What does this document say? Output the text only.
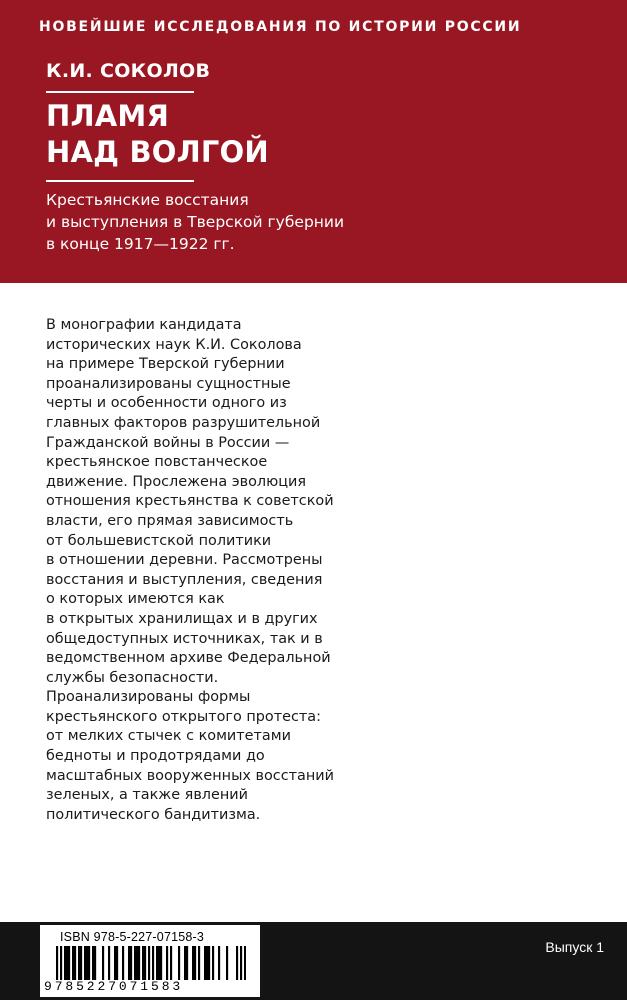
НОВЕЙШИЕ ИССЛЕДОВАНИЯ ПО ИСТОРИИ РОССИИ
К.И. СОКОЛОВ
ПЛАМЯ
НАД ВОЛГОЙ
Крестьянские восстания
и выступления в Тверской губернии
в конце 1917—1922 гг.
В монографии кандидата
исторических наук К.И. Соколова
на примере Тверской губернии
проанализированы сущностные
черты и особенности одного из
главных факторов разрушительной
Гражданской войны в России —
крестьянское повстанческое
движение. Прослежена эволюция
отношения крестьянства к советской
власти, его прямая зависимость
от большевистской политики
в отношении деревни. Рассмотрены
восстания и выступления, сведения
о которых имеются как
в открытых хранилищах и в других
общедоступных источниках, так и в
ведомственном архиве Федеральной
службы безопасности.
Проанализированы формы
крестьянского открытого протеста:
от мелких стычек с комитетами
бедноты и продотрядами до
масштабных вооруженных восстаний
зеленых, а также явлений
политического бандитизма.
ISBN 978-5-227-07158-3
9785227071583
Выпуск 1
